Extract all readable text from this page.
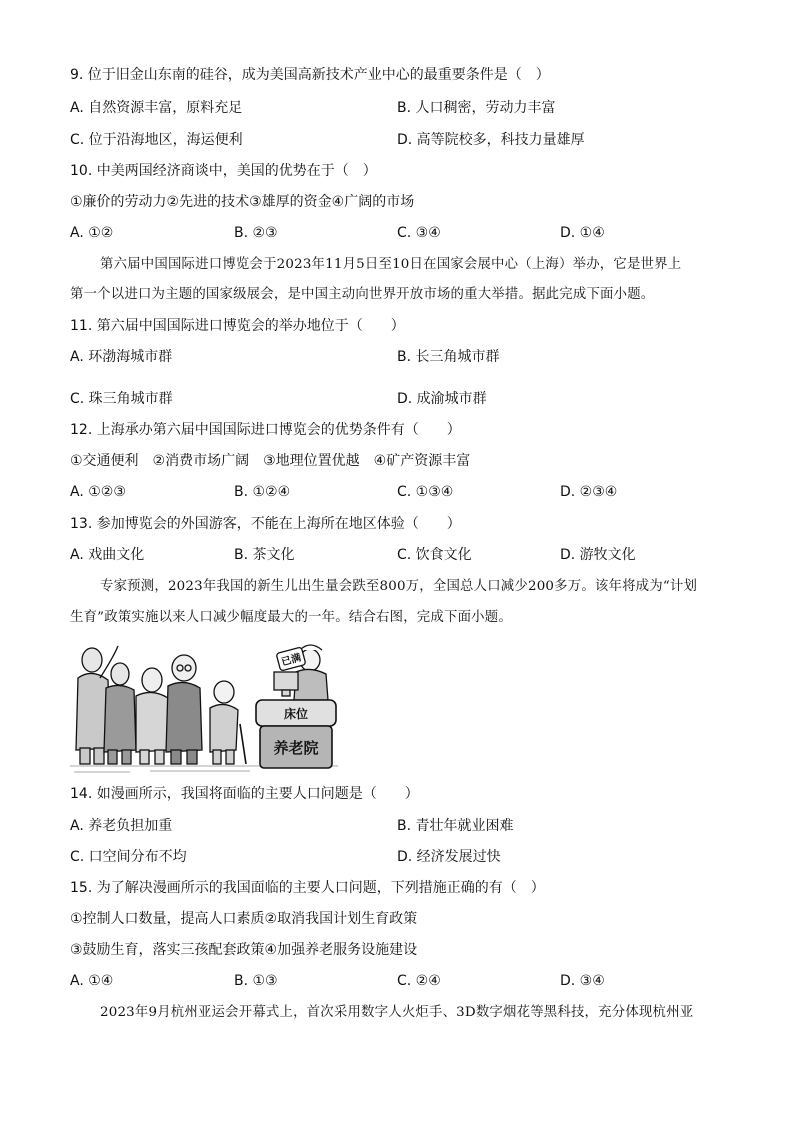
9. 位于旧金山东南的硅谷，成为美国高新技术产业中心的最重要条件是（　）
A. 自然资源丰富，原料充足	B. 人口稠密，劳动力丰富
C. 位于沿海地区，海运便利	D. 高等院校多，科技力量雄厚
10. 中美两国经济商谈中，美国的优势在于（　）
①廉价的劳动力②先进的技术③雄厚的资金④广阔的市场
A. ①②	B. ②③	C. ③④	D. ①④
第六届中国国际进口博览会于2023年11月5日至10日在国家会展中心（上海）举办，它是世界上
第一个以进口为主题的国家级展会，是中国主动向世界开放市场的重大举措。据此完成下面小题。
11. 第六届中国国际进口博览会的举办地位于（　　）
A. 环渤海城市群	B. 长三角城市群
C. 珠三角城市群	D. 成渝城市群
12. 上海承办第六届中国国际进口博览会的优势条件有（　　）
①交通便利　②消费市场广阔　③地理位置优越　④矿产资源丰富
A. ①②③	B. ①②④	C. ①③④	D. ②③④
13. 参加博览会的外国游客，不能在上海所在地区体验（　　）
A. 戏曲文化	B. 茶文化	C. 饮食文化	D. 游牧文化
专家预测，2023年我国的新生儿出生量会跌至800万，全国总人口减少200多万。该年将成为“计划
生育”政策实施以来人口减少幅度最大的一年。结合右图，完成下面小题。
已满
床位
养老院
14. 如漫画所示，我国将面临的主要人口问题是（　　）
A. 养老负担加重	B. 青壮年就业困难
C. 口空间分布不均	D. 经济发展过快
15. 为了解决漫画所示的我国面临的主要人口问题，下列措施正确的有（　）
①控制人口数量，提高人口素质②取消我国计划生育政策
③鼓励生育，落实三孩配套政策④加强养老服务设施建设
A. ①④	B. ①③	C. ②④	D. ③④
2023年9月杭州亚运会开幕式上，首次采用数字人火炬手、3D数字烟花等黑科技，充分体现杭州亚
